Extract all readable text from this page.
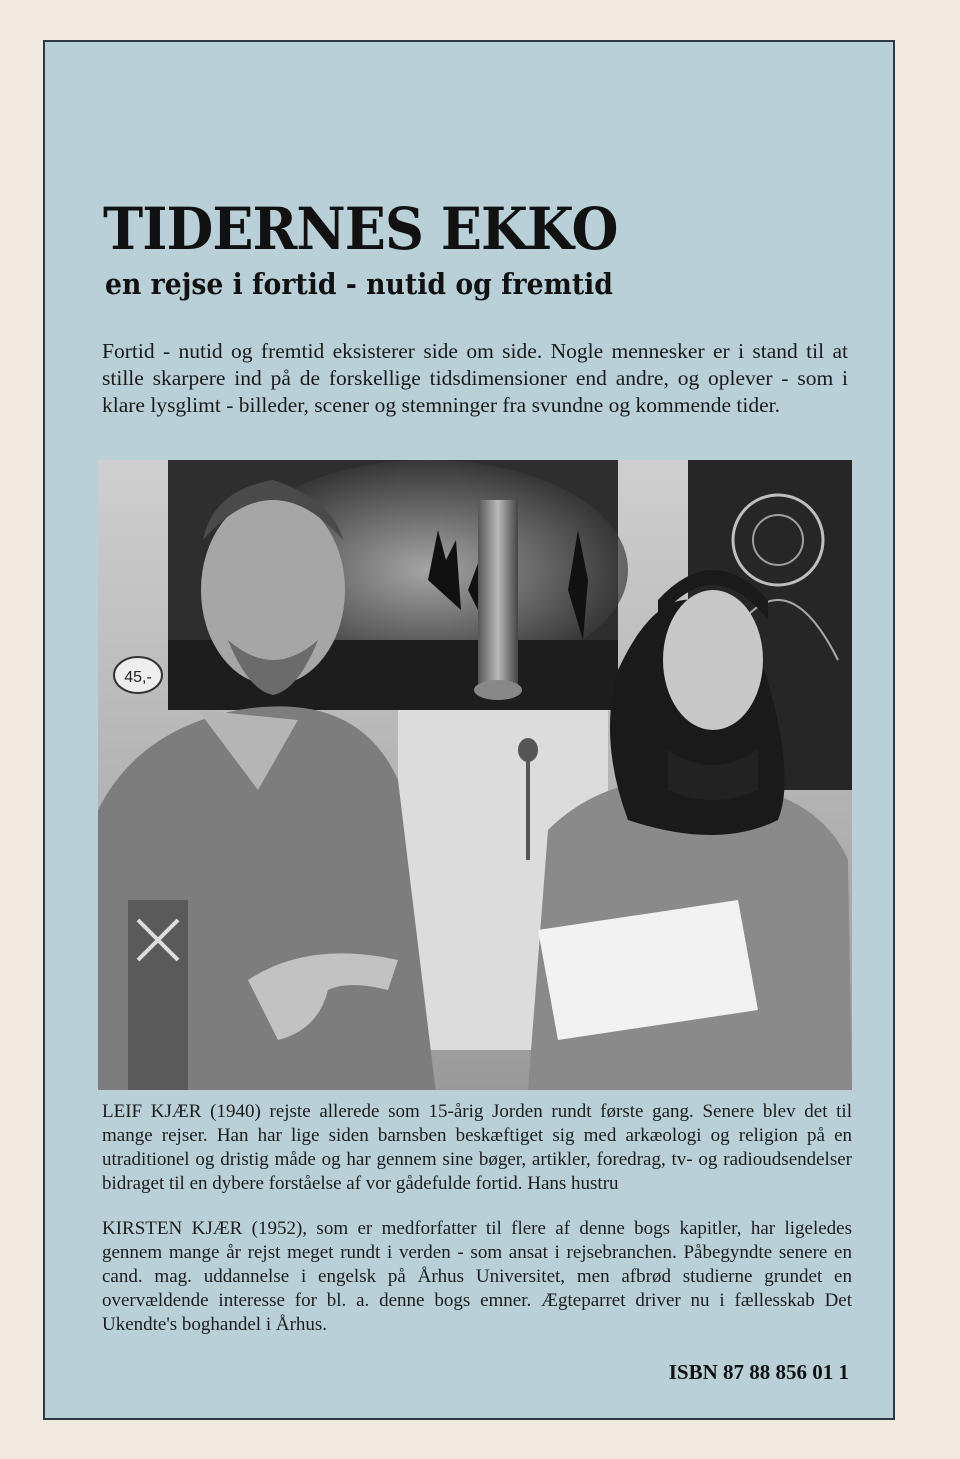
TIDERNES EKKO
en rejse i fortid - nutid og fremtid

Fortid - nutid og fremtid eksisterer side om side. Nogle mennesker er i stand til at stille skarpere ind på de forskellige tidsdimensioner end andre, og oplever - som i klare lysglimt - billeder, scener og stemninger fra svundne og kommende tider.

45,-

LEIF KJÆR (1940) rejste allerede som 15-årig Jorden rundt første gang. Senere blev det til mange rejser. Han har lige siden barnsben beskæftiget sig med arkæologi og religion på en utraditionel og dristig måde og har gennem sine bøger, artikler, foredrag, tv- og radioudsendelser bidraget til en dybere forståelse af vor gådefulde fortid. Hans hustru

KIRSTEN KJÆR (1952), som er medforfatter til flere af denne bogs kapitler, har ligeledes gennem mange år rejst meget rundt i verden - som ansat i rejsebranchen. Påbegyndte senere en cand. mag. uddannelse i engelsk på Århus Universitet, men afbrød studierne grundet en overvældende interesse for bl. a. denne bogs emner. Ægteparret driver nu i fællesskab Det Ukendte's boghandel i Århus.

ISBN 87 88 856 01 1
